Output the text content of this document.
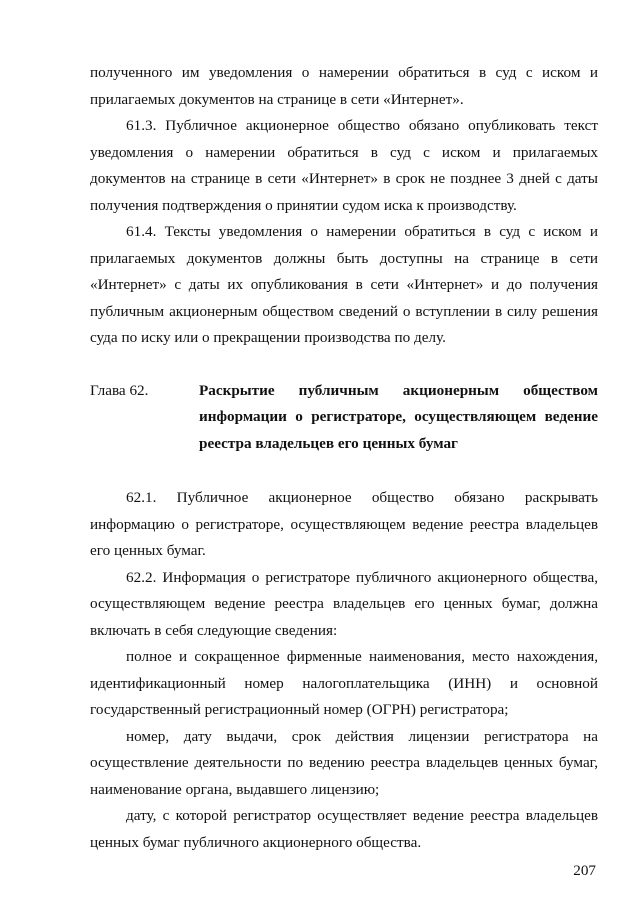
полученного им уведомления о намерении обратиться в суд с иском и прилагаемых документов на странице в сети «Интернет».

61.3. Публичное акционерное общество обязано опубликовать текст уведомления о намерении обратиться в суд с иском и прилагаемых документов на странице в сети «Интернет» в срок не позднее 3 дней с даты получения подтверждения о принятии судом иска к производству.

61.4. Тексты уведомления о намерении обратиться в суд с иском и прилагаемых документов должны быть доступны на странице в сети «Интернет» с даты их опубликования в сети «Интернет» и до получения публичным акционерным обществом сведений о вступлении в силу решения суда по иску или о прекращении производства по делу.

Глава 62.	Раскрытие публичным акционерным обществом информации о регистраторе, осуществляющем ведение реестра владельцев его ценных бумаг

62.1. Публичное акционерное общество обязано раскрывать информацию о регистраторе, осуществляющем ведение реестра владельцев его ценных бумаг.

62.2. Информация о регистраторе публичного акционерного общества, осуществляющем ведение реестра владельцев его ценных бумаг, должна включать в себя следующие сведения:

полное и сокращенное фирменные наименования, место нахождения, идентификационный номер налогоплательщика (ИНН) и основной государственный регистрационный номер (ОГРН) регистратора;

номер, дату выдачи, срок действия лицензии регистратора на осуществление деятельности по ведению реестра владельцев ценных бумаг, наименование органа, выдавшего лицензию;

дату, с которой регистратор осуществляет ведение реестра владельцев ценных бумаг публичного акционерного общества.

207
